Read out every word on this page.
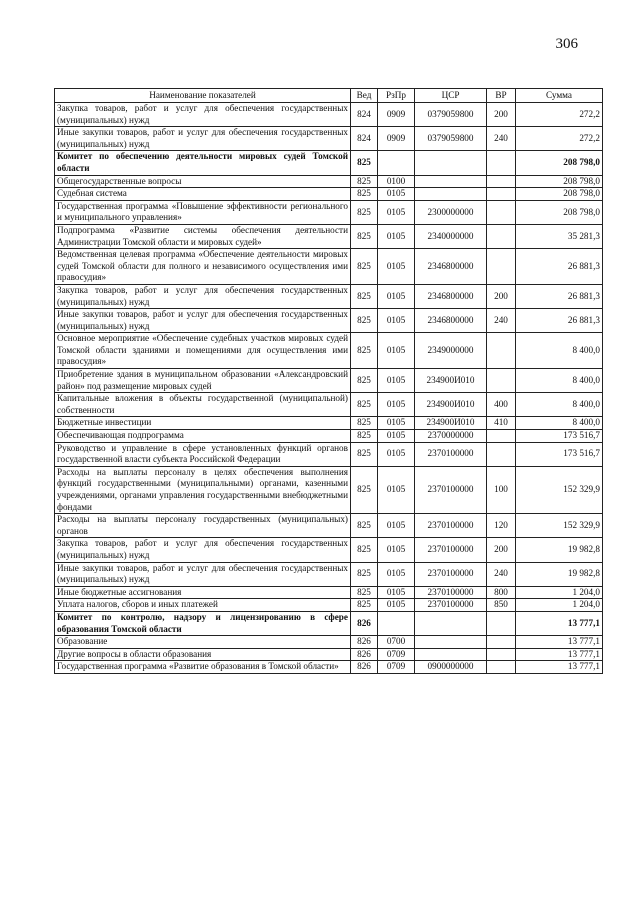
306
Наименование показателей	Вед	РзПр	ЦСР	ВР	Сумма
Закупка товаров, работ и услуг для обеспечения государственных (муниципальных) нужд	824	0909	0379059800	200	272,2
Иные закупки товаров, работ и услуг для обеспечения государственных (муниципальных) нужд	824	0909	0379059800	240	272,2
Комитет по обеспечению деятельности мировых судей Томской области	825				208 798,0
Общегосударственные вопросы	825	0100			208 798,0
Судебная система	825	0105			208 798,0
Государственная программа «Повышение эффективности регионального и муниципального управления»	825	0105	2300000000		208 798,0
Подпрограмма «Развитие системы обеспечения деятельности Администрации Томской области и мировых судей»	825	0105	2340000000		35 281,3
Ведомственная целевая программа «Обеспечение деятельности мировых судей Томской области для полного и независимого осуществления ими правосудия»	825	0105	2346800000		26 881,3
Закупка товаров, работ и услуг для обеспечения государственных (муниципальных) нужд	825	0105	2346800000	200	26 881,3
Иные закупки товаров, работ и услуг для обеспечения государственных (муниципальных) нужд	825	0105	2346800000	240	26 881,3
Основное мероприятие «Обеспечение судебных участков мировых судей Томской области зданиями и помещениями для осуществления ими правосудия»	825	0105	2349000000		8 400,0
Приобретение здания в муниципальном образовании «Александровский район» под размещение мировых судей	825	0105	234900И010		8 400,0
Капитальные вложения в объекты государственной (муниципальной) собственности	825	0105	234900И010	400	8 400,0
Бюджетные инвестиции	825	0105	234900И010	410	8 400,0
Обеспечивающая подпрограмма	825	0105	2370000000		173 516,7
Руководство и управление в сфере установленных функций органов государственной власти субъекта Российской Федерации	825	0105	2370100000		173 516,7
Расходы на выплаты персоналу в целях обеспечения выполнения функций государственными (муниципальными) органами, казенными учреждениями, органами управления государственными внебюджетными фондами	825	0105	2370100000	100	152 329,9
Расходы на выплаты персоналу государственных (муниципальных) органов	825	0105	2370100000	120	152 329,9
Закупка товаров, работ и услуг для обеспечения государственных (муниципальных) нужд	825	0105	2370100000	200	19 982,8
Иные закупки товаров, работ и услуг для обеспечения государственных (муниципальных) нужд	825	0105	2370100000	240	19 982,8
Иные бюджетные ассигнования	825	0105	2370100000	800	1 204,0
Уплата налогов, сборов и иных платежей	825	0105	2370100000	850	1 204,0
Комитет по контролю, надзору и лицензированию в сфере образования Томской области	826				13 777,1
Образование	826	0700			13 777,1
Другие вопросы в области образования	826	0709			13 777,1
Государственная программа «Развитие образования в Томской области»	826	0709	0900000000		13 777,1
